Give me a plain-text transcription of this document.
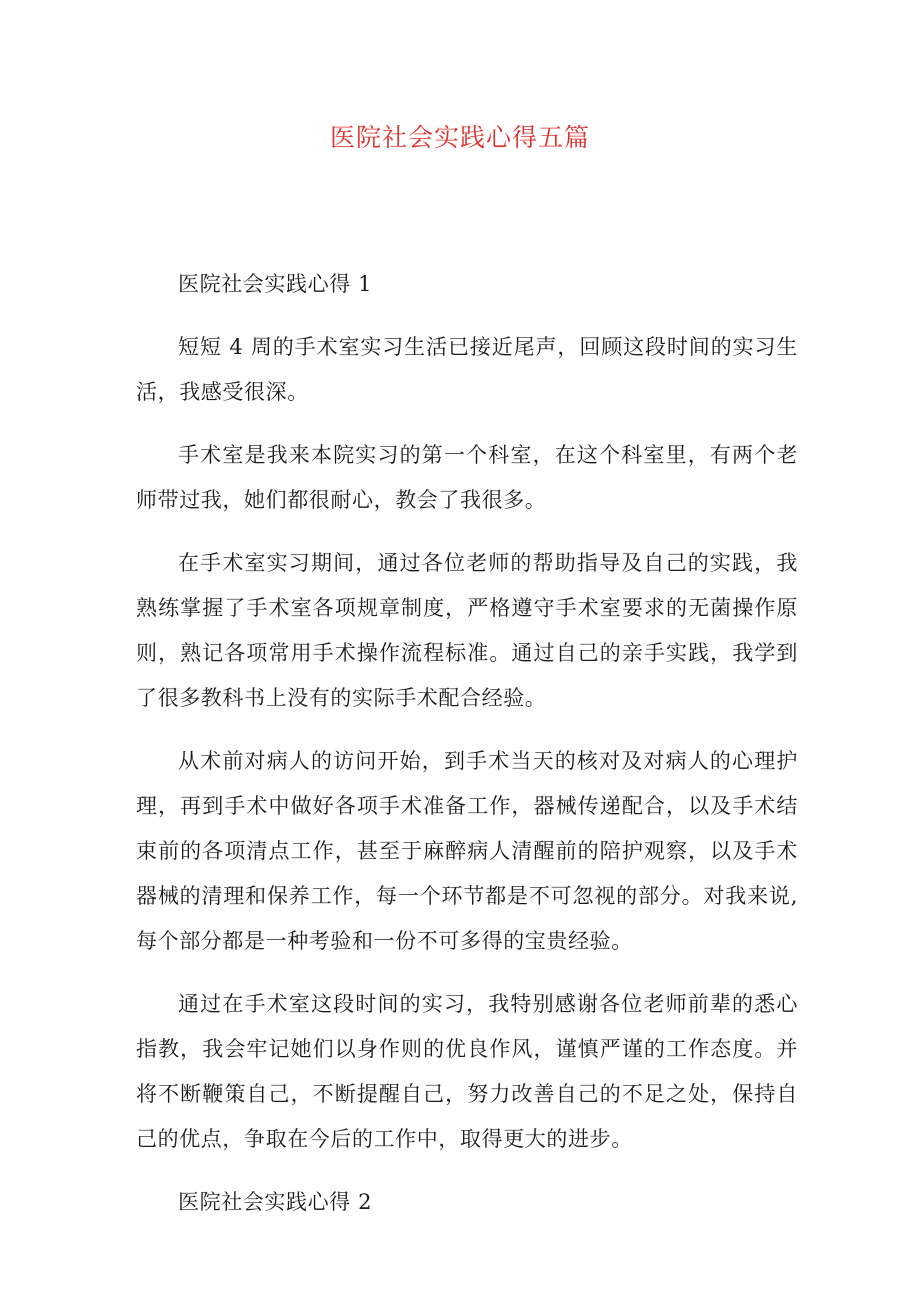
医院社会实践心得五篇

医院社会实践心得 1

短短 4 周的手术室实习生活已接近尾声，回顾这段时间的实习生活，我感受很深。

手术室是我来本院实习的第一个科室，在这个科室里，有两个老师带过我，她们都很耐心，教会了我很多。

在手术室实习期间，通过各位老师的帮助指导及自己的实践，我熟练掌握了手术室各项规章制度，严格遵守手术室要求的无菌操作原则，熟记各项常用手术操作流程标准。通过自己的亲手实践，我学到了很多教科书上没有的实际手术配合经验。

从术前对病人的访问开始，到手术当天的核对及对病人的心理护理，再到手术中做好各项手术准备工作，器械传递配合，以及手术结束前的各项清点工作，甚至于麻醉病人清醒前的陪护观察，以及手术器械的清理和保养工作，每一个环节都是不可忽视的部分。对我来说,每个部分都是一种考验和一份不可多得的宝贵经验。

通过在手术室这段时间的实习，我特别感谢各位老师前辈的悉心指教，我会牢记她们以身作则的优良作风，谨慎严谨的工作态度。并将不断鞭策自己，不断提醒自己，努力改善自己的不足之处，保持自己的优点，争取在今后的工作中，取得更大的进步。

医院社会实践心得 2
